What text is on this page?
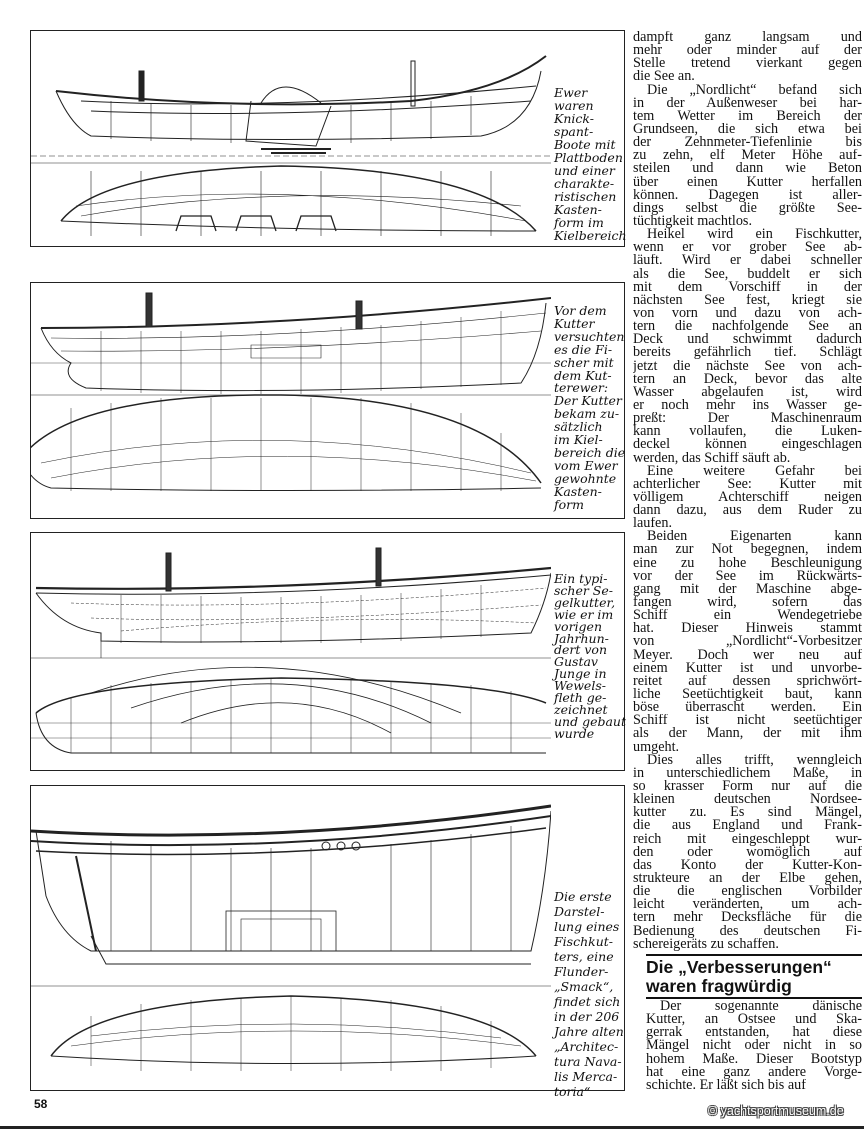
Ewer
waren
Knick-
spant-
Boote mit
Plattboden
und einer
charakte-
ristischen
Kasten-
form im
Kielbereich
Vor dem
Kutter
versuchten
es die Fi-
scher mit
dem Kut-
terewer:
Der Kutter
bekam zu-
sätzlich
im Kiel-
bereich die
vom Ewer
gewohnte
Kasten-
form
Ein typi-
scher Se-
gelkutter,
wie er im
vorigen
Jahrhun-
dert von
Gustav
Junge in
Wewels-
fleth ge-
zeichnet
und gebaut
wurde
Die erste
Darstel-
lung eines
Fischkut-
ters, eine
Flunder-
„Smack“,
findet sich
in der 206
Jahre alten
„Architec-
tura Nava-
lis Merca-
toria“
dampft ganz langsam und
mehr oder minder auf der
Stelle tretend vierkant gegen
die See an.
Die „Nordlicht“ befand sich
in der Außenweser bei har-
tem Wetter im Bereich der
Grundseen, die sich etwa bei
der Zehnmeter-Tiefenlinie bis
zu zehn, elf Meter Höhe auf-
steilen und dann wie Beton
über einen Kutter herfallen
können. Dagegen ist aller-
dings selbst die größte See-
tüchtigkeit machtlos.
Heikel wird ein Fischkutter,
wenn er vor grober See ab-
läuft. Wird er dabei schneller
als die See, buddelt er sich
mit dem Vorschiff in der
nächsten See fest, kriegt sie
von vorn und dazu von ach-
tern die nachfolgende See an
Deck und schwimmt dadurch
bereits gefährlich tief. Schlägt
jetzt die nächste See von ach-
tern an Deck, bevor das alte
Wasser abgelaufen ist, wird
er noch mehr ins Wasser ge-
preßt: Der Maschinenraum
kann vollaufen, die Luken-
deckel können eingeschlagen
werden, das Schiff säuft ab.
Eine weitere Gefahr bei
achterlicher See: Kutter mit
völligem Achterschiff neigen
dann dazu, aus dem Ruder zu
laufen.
Beiden Eigenarten kann
man zur Not begegnen, indem
eine zu hohe Beschleunigung
vor der See im Rückwärts-
gang mit der Maschine abge-
fangen wird, sofern das
Schiff ein Wendegetriebe
hat. Dieser Hinweis stammt
von „Nordlicht“-Vorbesitzer
Meyer. Doch wer neu auf
einem Kutter ist und unvorbe-
reitet auf dessen sprichwört-
liche Seetüchtigkeit baut, kann
böse überrascht werden. Ein
Schiff ist nicht seetüchtiger
als der Mann, der mit ihm
umgeht.
Dies alles trifft, wenngleich
in unterschiedlichem Maße, in
so krasser Form nur auf die
kleinen deutschen Nordsee-
kutter zu. Es sind Mängel,
die aus England und Frank-
reich mit eingeschleppt wur-
den oder womöglich auf
das Konto der Kutter-Kon-
strukteure an der Elbe gehen,
die die englischen Vorbilder
leicht veränderten, um ach-
tern mehr Decksfläche für die
Bedienung des deutschen Fi-
schereigeräts zu schaffen.
Die „Verbesserungen“
waren fragwürdig
Der sogenannte dänische
Kutter, an Ostsee und Ska-
gerrak entstanden, hat diese
Mängel nicht oder nicht in so
hohem Maße. Dieser Bootstyp
hat eine ganz andere Vorge-
schichte. Er läßt sich bis auf
58	© yachtsportmuseum.de
